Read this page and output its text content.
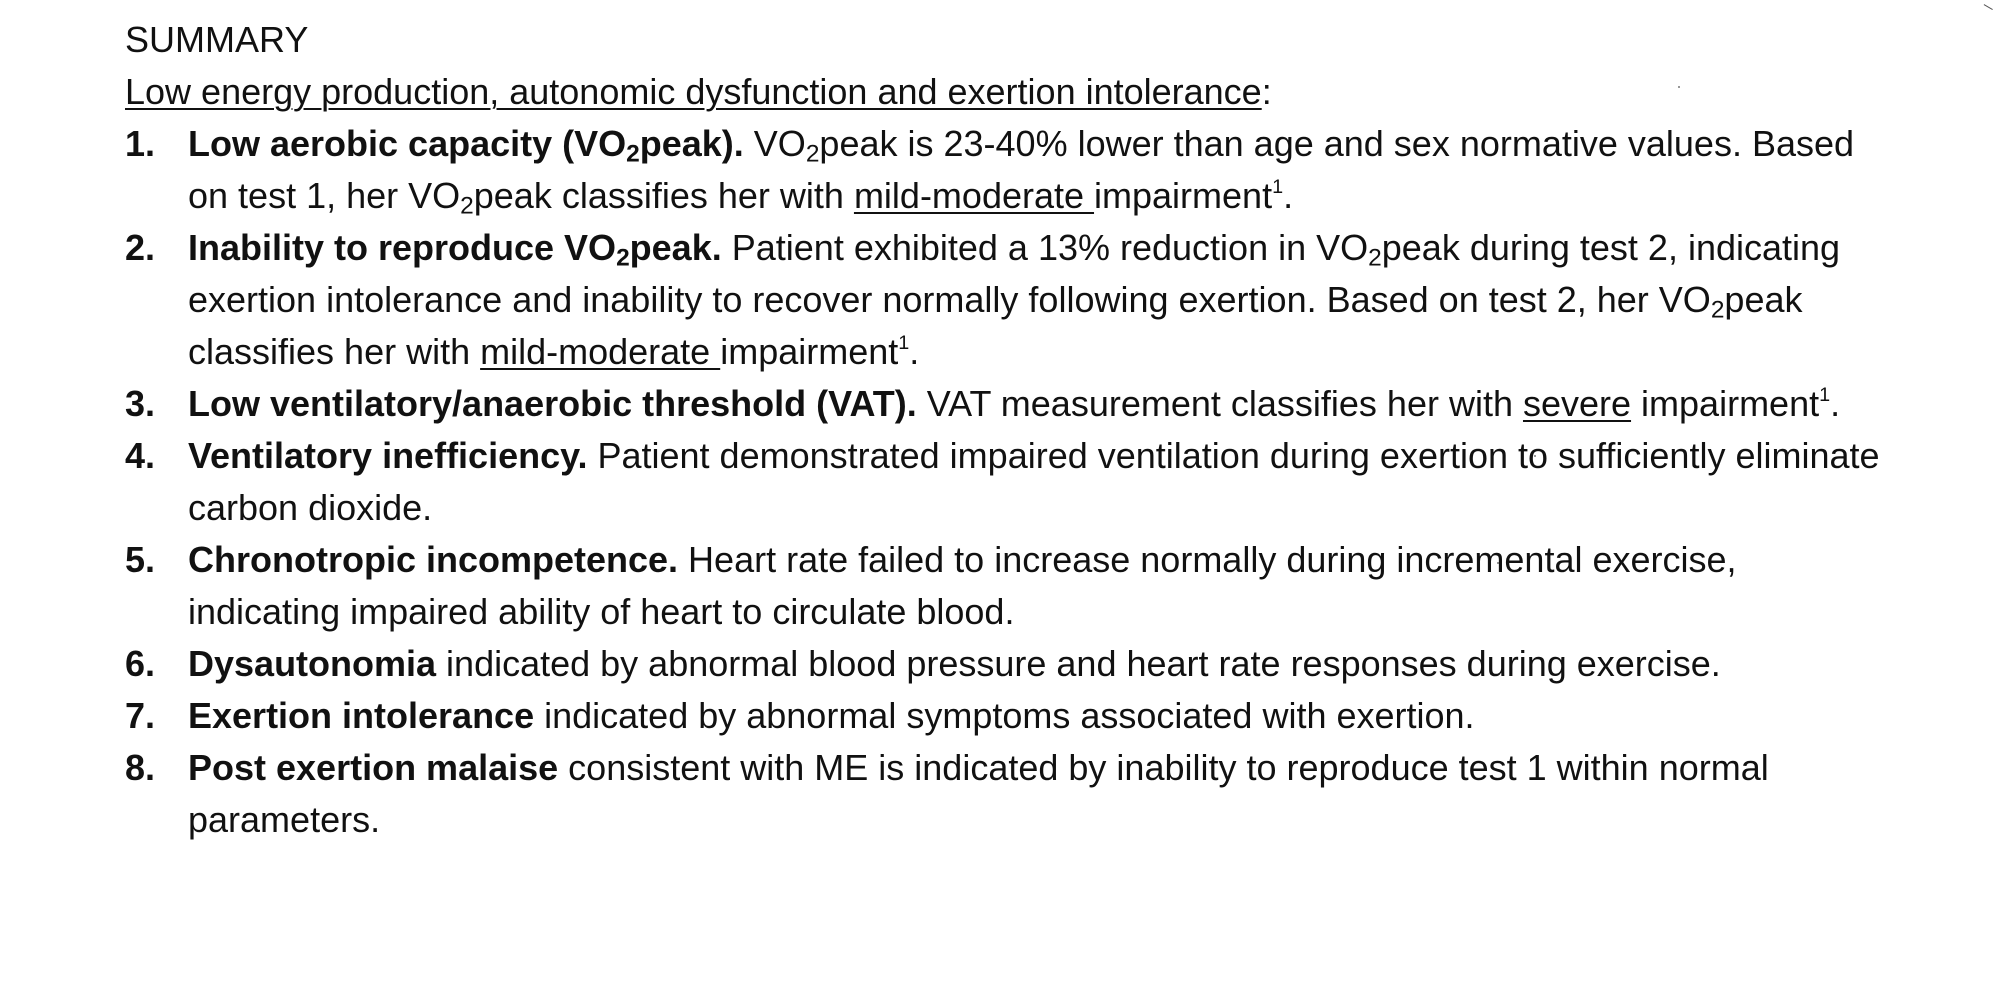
SUMMARY
Low energy production, autonomic dysfunction and exertion intolerance:
1. Low aerobic capacity $(VO_2peak)$. $VO_2peak$ is 23-40% lower than age and sex normative values. Based on test 1, her $VO_2peak$ classifies her with mild-moderate impairment$^1$.
2. Inability to reproduce $VO_2peak$. Patient exhibited a 13% reduction in $VO_2peak$ during test 2, indicating exertion intolerance and inability to recover normally following exertion. Based on test 2, her $VO_2peak$ classifies her with mild-moderate impairment$^1$.
3. Low ventilatory/anaerobic threshold (VAT). VAT measurement classifies her with severe impairment$^1$.
4. Ventilatory inefficiency. Patient demonstrated impaired ventilation during exertion to sufficiently eliminate carbon dioxide.
5. Chronotropic incompetence. Heart rate failed to increase normally during incremental exercise, indicating impaired ability of heart to circulate blood.
6. Dysautonomia indicated by abnormal blood pressure and heart rate responses during exercise.
7. Exertion intolerance indicated by abnormal symptoms associated with exertion.
8. Post exertion malaise consistent with ME is indicated by inability to reproduce test 1 within normal parameters.
